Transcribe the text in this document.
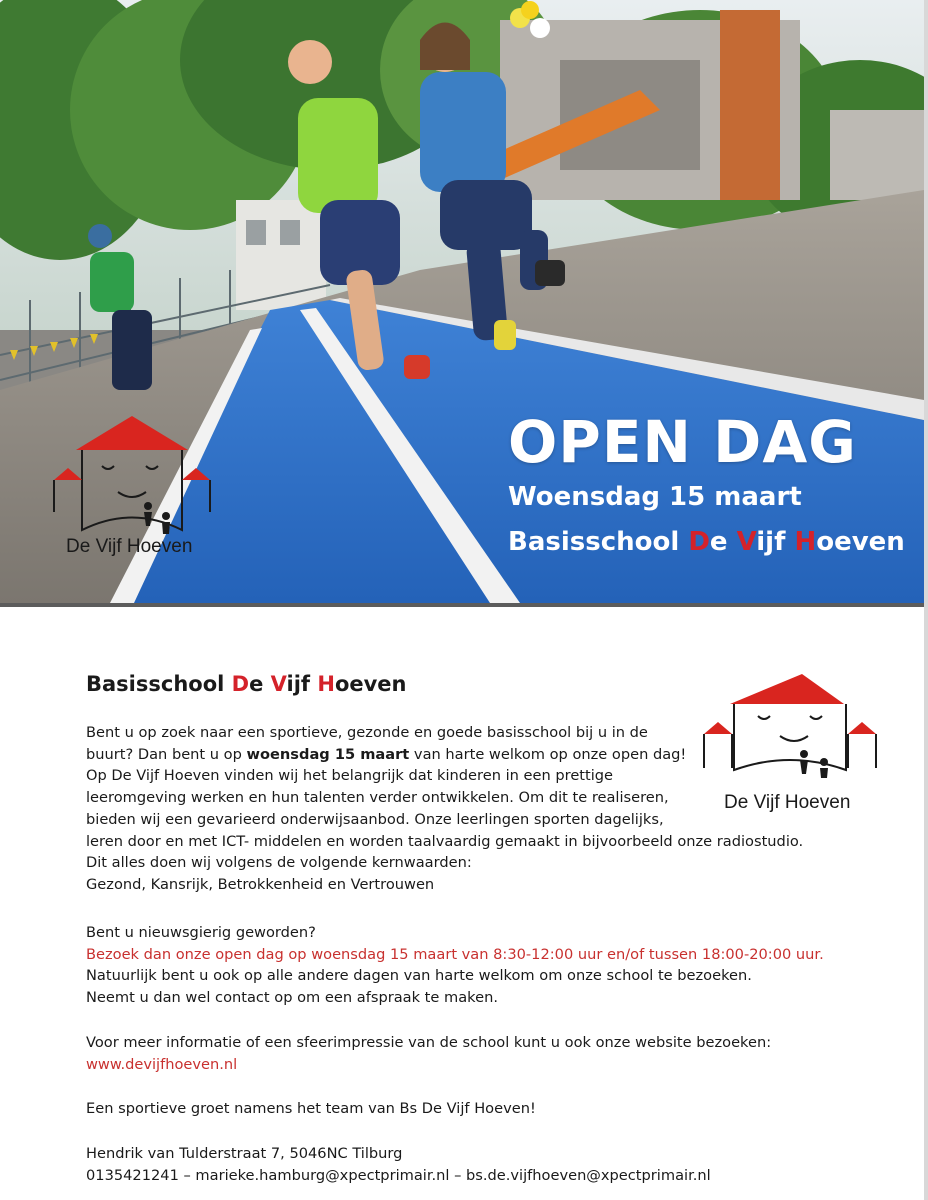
De Vijf Hoeven
OPEN DAG
Woensdag 15 maart
Basisschool De Vijf Hoeven
Basisschool De Vijf Hoeven
De Vijf Hoeven
Bent u op zoek naar een sportieve, gezonde en goede basisschool bij u in de
buurt? Dan bent u op woensdag 15 maart van harte welkom op onze open dag!
Op De Vijf Hoeven vinden wij het belangrijk dat kinderen in een prettige
leeromgeving werken en hun talenten verder ontwikkelen. Om dit te realiseren,
bieden wij een gevarieerd onderwijsaanbod. Onze leerlingen sporten dagelijks,
leren door en met ICT- middelen en worden taalvaardig gemaakt in bijvoorbeeld onze radiostudio.
Dit alles doen wij volgens de volgende kernwaarden:
Gezond, Kansrijk, Betrokkenheid en Vertrouwen
Bent u nieuwsgierig geworden?
Bezoek dan onze open dag op woensdag 15 maart van 8:30-12:00 uur en/of tussen 18:00-20:00 uur.
Natuurlijk bent u ook op alle andere dagen van harte welkom om onze school te bezoeken.
Neemt u dan wel contact op om een afspraak te maken.
Voor meer informatie of een sfeerimpressie van de school kunt u ook onze website bezoeken:
www.devijfhoeven.nl
Een sportieve groet namens het team van Bs De Vijf Hoeven!
Hendrik van Tulderstraat 7, 5046NC Tilburg
0135421241 – marieke.hamburg@xpectprimair.nl – bs.de.vijfhoeven@xpectprimair.nl
